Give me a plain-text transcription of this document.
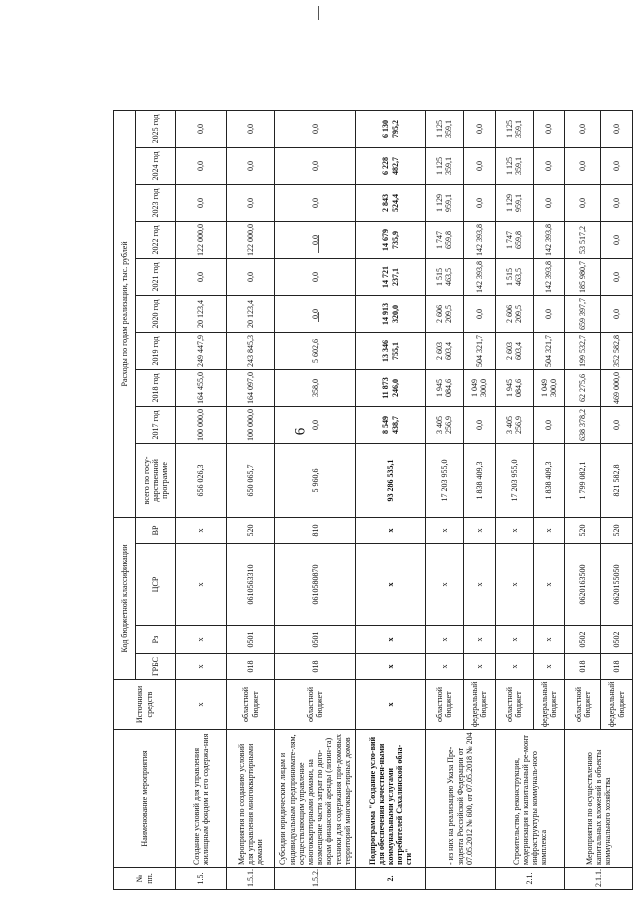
6
№ пп.	Наименование мероприятия	Источники средств	Код бюджетной классификации				Расходы по годам реализации, тыс. рублей									
			ГРБС	Рз	ЦСР	ВР	всего по госу-дарственной программе	2017 год	2018 год	2019 год	2020 год	2021 год	2022 год	2023 год	2024 год	2025 год
1.5.	Создание условий для управления жилищным фондом и его содержа-ния	х	х	х	х	х	656 026,3	100 000,0	164 455,0	249 447,9	20 123,4	0,0	122 000,0	0,0	0,0	0,0
1.5.1.	Мероприятия по созданию условий для управления многоквартирными домами	областной бюджет	018	0501	0610563310	520	650 065,7	100 000,0	164 097,0	243 845,3	20 123,4	0,0	122 000,0	0,0	0,0	0,0
1.5.2.	Субсидии юридическим лицам и индивидуальным предпринимате-лям, осуществляющим управление многоквартирными домами, на возмещение части затрат по дого-ворам финансовой аренды (лизин-га) техники для содержания при-домовых территорий многоквар-тирных домов	областной бюджет	018	0501	0610580870	810	5 960,6	0,0	358,0	5 602,6	0,0	0,0	0,0	0,0	0,0	0,0
2.	Подпрограмма "Создание усло-вий для обеспечения качествен-ными коммунальными услугами потребителей Сахалинской обла-сти"	х	х	х	х	х	93 286 535,1	8 549 438,7	11 873 246,0	13 346 755,1	14 913 320,0	14 721 237,1	14 679 735,9	2 843 524,4	6 228 482,7	6 130 795,2
	- из них на реализацию Указа Пре-зидента Российской Федерации от 07.05.2012 № 600, от 07.05.2018 № 204	областной бюджет	х	х	х	х	17 203 955,0	3 405 256,9	1 945 084,6	2 603 603,4	2 606 209,5	1 515 463,5	1 747 659,8	1 129 959,1	1 125 359,1	1 125 359,1
		федеральный бюджет	х	х	х	х	1 838 409,3	0,0	1 049 300,0	504 321,7	0,0	142 393,8	142 393,8	0,0	0,0	0,0
2.1.	Строительство, реконструкция, модернизация и капитальный ре-монт инфраструктуры коммуналь-ного комплекса	областной бюджет	х	х	х	х	17 203 955,0	3 405 256,9	1 945 084,6	2 603 603,4	2 606 209,5	1 515 463,5	1 747 659,8	1 129 959,1	1 125 359,1	1 125 359,1
		федеральный бюджет	х	х	х	х	1 838 409,3	0,0	1 049 300,0	504 321,7	0,0	142 393,8	142 393,8	0,0	0,0	0,0
2.1.1.	Мероприятия по осуществлению капитальных вложений в объекты коммунального хозяйства	областной бюджет	018	0502	0620163500	520	1 799 082,1	638 378,2	62 275,6	199 532,7	659 397,7	185 980,7	53 517,2	0,0	0,0	0,0
		федеральный бюджет	018	0502	0620155050	520	821 582,8	0,0	469 000,0	352 582,8	0,0	0,0	0,0	0,0	0,0	0,0
